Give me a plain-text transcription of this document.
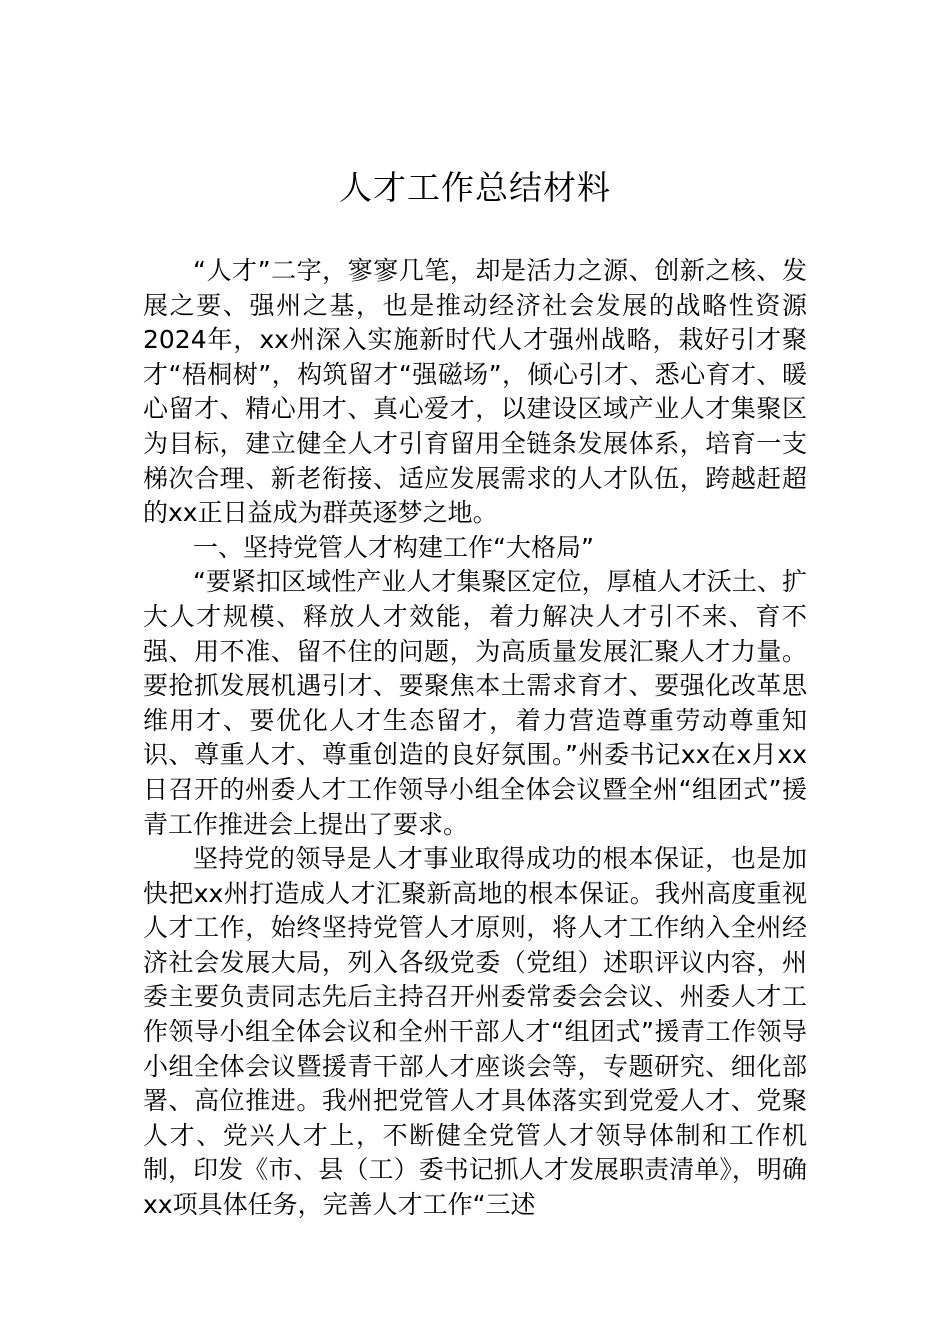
人才工作总结材料

“人才”二字，寥寥几笔，却是活力之源、创新之核、发展之要、强州之基，也是推动经济社会发展的战略性资源2024年，xx州深入实施新时代人才强州战略，栽好引才聚才“梧桐树”，构筑留才“强磁场”，倾心引才、悉心育才、暖心留才、精心用才、真心爱才，以建设区域产业人才集聚区为目标，建立健全人才引育留用全链条发展体系，培育一支梯次合理、新老衔接、适应发展需求的人才队伍，跨越赶超的xx正日益成为群英逐梦之地。

一、坚持党管人才构建工作“大格局”

“要紧扣区域性产业人才集聚区定位，厚植人才沃土、扩大人才规模、释放人才效能，着力解决人才引不来、育不强、用不准、留不住的问题，为高质量发展汇聚人才力量。要抢抓发展机遇引才、要聚焦本土需求育才、要强化改革思维用才、要优化人才生态留才，着力营造尊重劳动尊重知识、尊重人才、尊重创造的良好氛围。”州委书记xx在x月xx日召开的州委人才工作领导小组全体会议暨全州“组团式”援青工作推进会上提出了要求。

坚持党的领导是人才事业取得成功的根本保证，也是加快把xx州打造成人才汇聚新高地的根本保证。我州高度重视人才工作，始终坚持党管人才原则，将人才工作纳入全州经济社会发展大局，列入各级党委（党组）述职评议内容，州委主要负责同志先后主持召开州委常委会会议、州委人才工作领导小组全体会议和全州干部人才“组团式”援青工作领导小组全体会议暨援青干部人才座谈会等，专题研究、细化部署、高位推进。我州把党管人才具体落实到党爱人才、党聚人才、党兴人才上，不断健全党管人才领导体制和工作机制，印发《市、县（工）委书记抓人才发展职责清单》，明确xx项具体任务，完善人才工作“三述
